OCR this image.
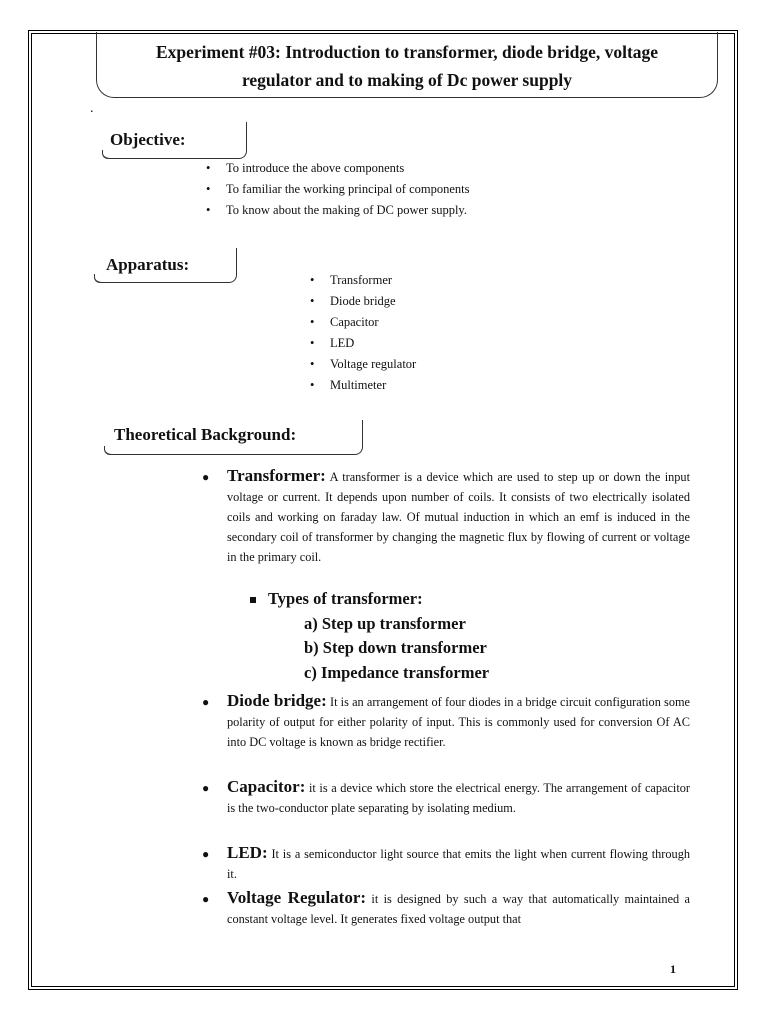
Experiment #03: Introduction to transformer, diode bridge, voltage
regulator and to making of Dc power supply
.
Objective:
• To introduce the above components
• To familiar the working principal of components
• To know about the making of DC power supply.
Apparatus:
• Transformer
• Diode bridge
• Capacitor
• LED
• Voltage regulator
• Multimeter
Theoretical Background:
● Transformer: A transformer is a device which are used to step up or down the input voltage or current. It depends upon number of coils. It consists of two electrically isolated coils and working on faraday law. Of mutual induction in which an emf is induced in the secondary coil of transformer by changing the magnetic flux by flowing of current or voltage in the primary coil.
Types of transformer:
a) Step up transformer
b) Step down transformer
c) Impedance transformer
● Diode bridge: It is an arrangement of four diodes in a bridge circuit configuration some polarity of output for either polarity of input. This is commonly used for conversion Of AC into DC voltage is known as bridge rectifier.
● Capacitor: it is a device which store the electrical energy. The arrangement of capacitor is the two-conductor plate separating by isolating medium.
● LED: It is a semiconductor light source that emits the light when current flowing through it.
● Voltage Regulator: it is designed by such a way that automatically maintained a constant voltage level. It generates fixed voltage output that
1
